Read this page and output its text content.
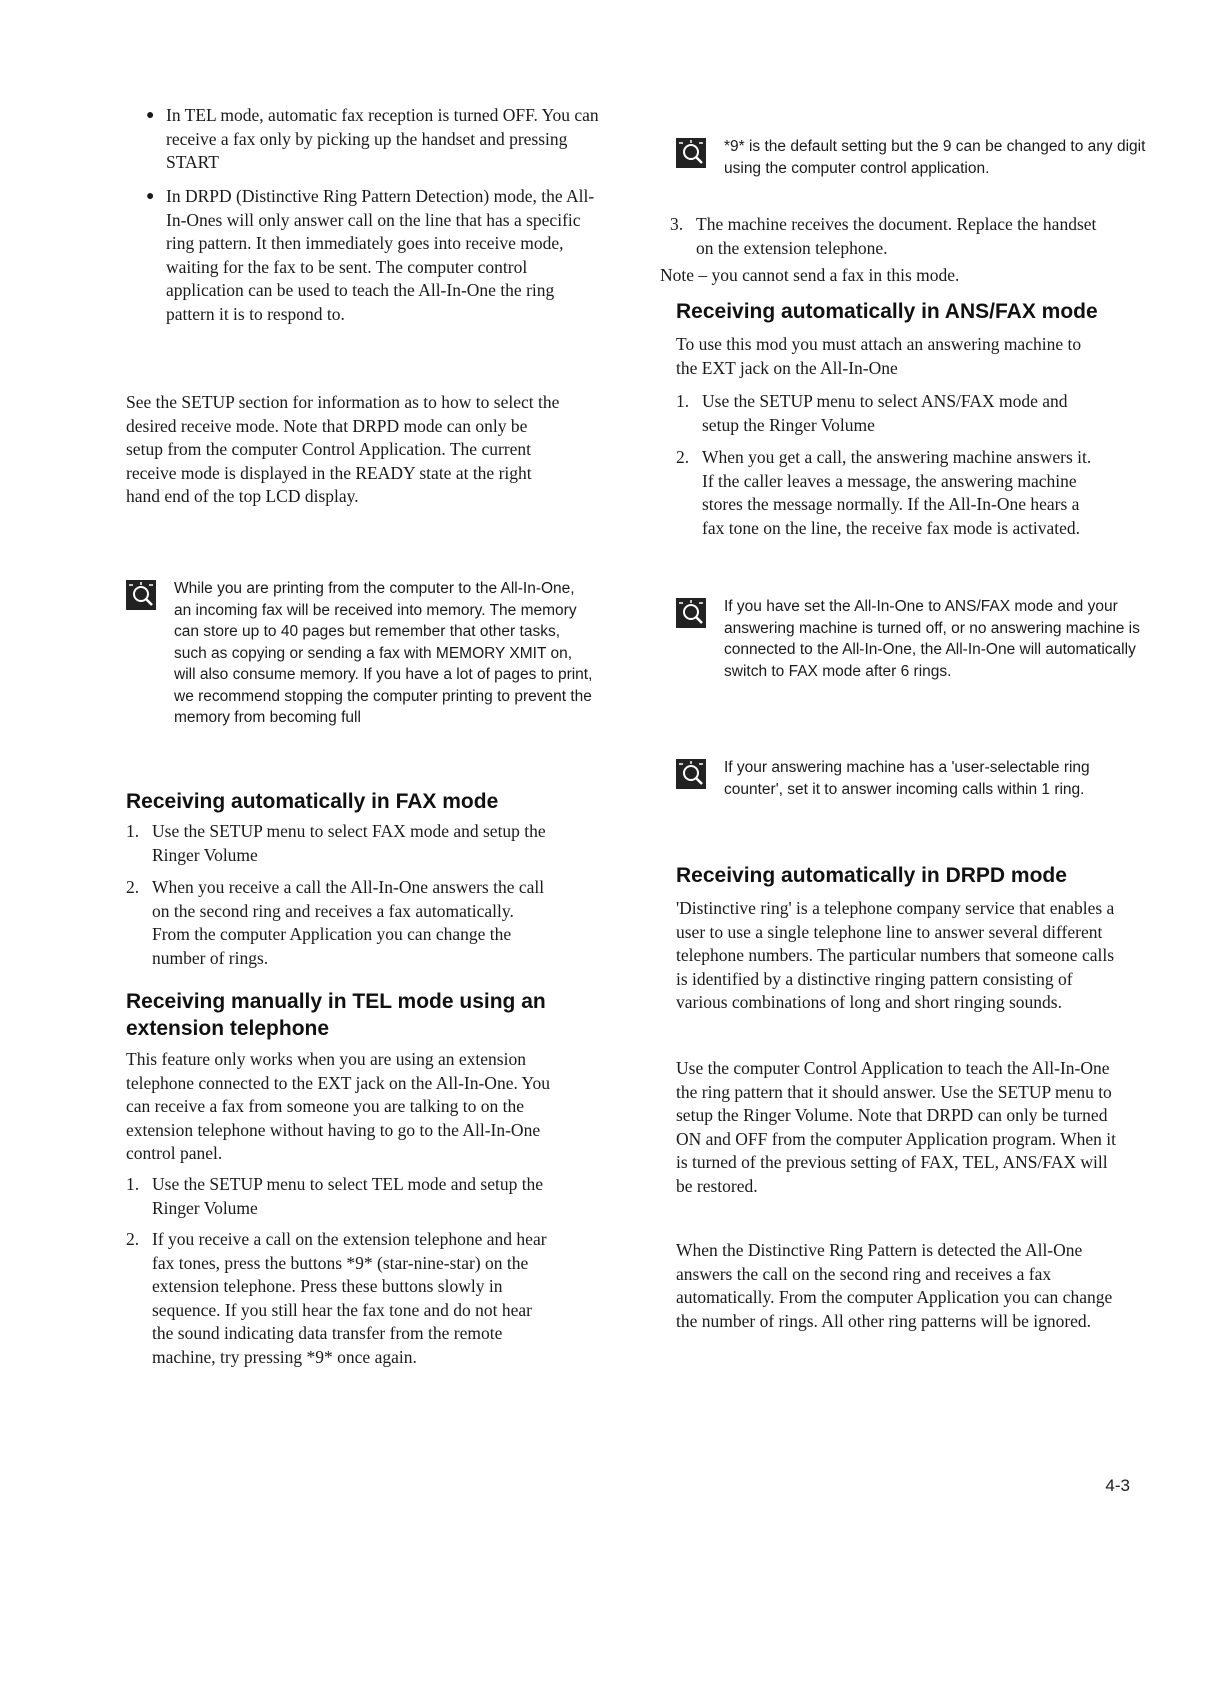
● In TEL mode, automatic fax reception is turned OFF. You can receive a fax only by picking up the handset and pressing START
● In DRPD (Distinctive Ring Pattern Detection) mode, the All-In-Ones will only answer call on the line that has a specific ring pattern. It then immediately goes into receive mode, waiting for the fax to be sent. The computer control application can be used to teach the All-In-One the ring pattern it is to respond to.

See the SETUP section for information as to how to select the desired receive mode. Note that DRPD mode can only be setup from the computer Control Application. The current receive mode is displayed in the READY state at the right hand end of the top LCD display.

While you are printing from the computer to the All-In-One, an incoming fax will be received into memory. The memory can store up to 40 pages but remember that other tasks, such as copying or sending a fax with MEMORY XMIT on, will also consume memory. If you have a lot of pages to print, we recommend stopping the computer printing to prevent the memory from becoming full
Receiving automatically in FAX mode
1. Use the SETUP menu to select FAX mode and setup the Ringer Volume
2. When you receive a call the All-In-One answers the call on the second ring and receives a fax automatically. From the computer Application you can change the number of rings.
Receiving manually in TEL mode using an extension telephone

This feature only works when you are using an extension telephone connected to the EXT jack on the All-In-One. You can receive a fax from someone you are talking to on the extension telephone without having to go to the All-In-One control panel.

1. Use the SETUP menu to select TEL mode and setup the Ringer Volume
2. If you receive a call on the extension telephone and hear fax tones, press the buttons *9* (star-nine-star) on the extension telephone. Press these buttons slowly in sequence. If you still hear the fax tone and do not hear the sound indicating data transfer from the remote machine, try pressing *9* once again.
*9* is the default setting but the 9 can be changed to any digit using the computer control application.
3. The machine receives the document. Replace the handset on the extension telephone.

Note – you cannot send a fax in this mode.

Receiving automatically in ANS/FAX mode

To use this mod you must attach an answering machine to the EXT jack on the All-In-One

1. Use the SETUP menu to select ANS/FAX mode and setup the Ringer Volume
2. When you get a call, the answering machine answers it. If the caller leaves a message, the answering machine stores the message normally. If the All-In-One hears a fax tone on the line, the receive fax mode is activated.
If you have set the All-In-One to ANS/FAX mode and your answering machine is turned off, or no answering machine is connected to the All-In-One, the All-In-One will automatically switch to FAX mode after 6 rings.
If your answering machine has a 'user-selectable ring counter', set it to answer incoming calls within 1 ring.
Receiving automatically in DRPD mode

'Distinctive ring' is a telephone company service that enables a user to use a single telephone line to answer several different telephone numbers. The particular numbers that someone calls is identified by a distinctive ringing pattern consisting of various combinations of long and short ringing sounds.

Use the computer Control Application to teach the All-In-One the ring pattern that it should answer. Use the SETUP menu to setup the Ringer Volume. Note that DRPD can only be turned ON and OFF from the computer Application program. When it is turned of the previous setting of FAX, TEL, ANS/FAX will be restored.

When the Distinctive Ring Pattern is detected the All-One answers the call on the second ring and receives a fax automatically. From the computer Application you can change the number of rings. All other ring patterns will be ignored.

4-3
